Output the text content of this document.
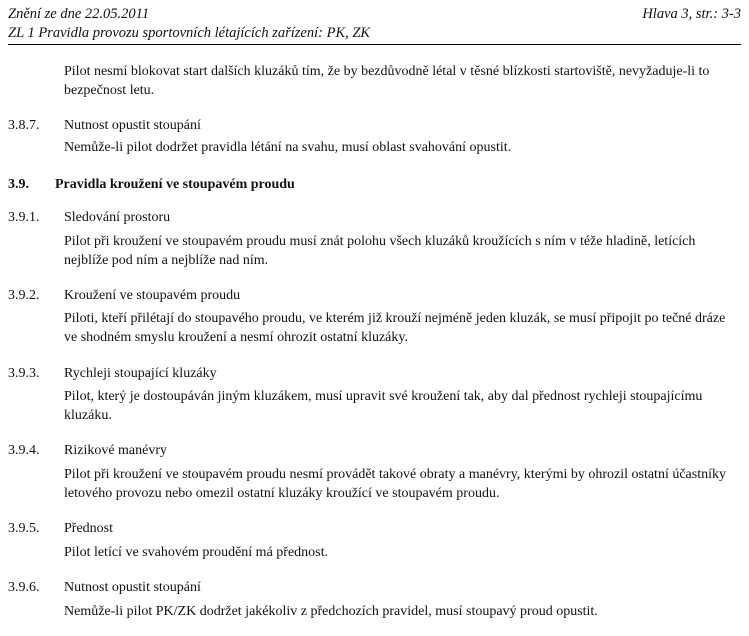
Znění ze dne 22.05.2011	Hlava 3, str.: 3-3
ZL 1 Pravidla provozu sportovních létajících zařízení: PK, ZK
Pilot nesmí blokovat start dalších kluzáků tím, že by bezdůvodně létal v těsné blízkosti startoviště, nevyžaduje-li to bezpečnost letu.
3.8.7. Nutnost opustit stoupání
Nemůže-li pilot dodržet pravidla létání na svahu, musí oblast svahování opustit.
3.9. Pravidla kroužení ve stoupavém proudu
3.9.1. Sledování prostoru
Pilot při kroužení ve stoupavém proudu musí znát polohu všech kluzáků kroužících s ním v téže hladině, letících nejblíže pod ním a nejblíže nad ním.
3.9.2. Kroužení ve stoupavém proudu
Piloti, kteří přilétají do stoupavého proudu, ve kterém již krouží nejméně jeden kluzák, se musí připojit po tečné dráze ve shodném smyslu kroužení a nesmí ohrozit ostatní kluzáky.
3.9.3. Rychleji stoupající kluzáky
Pilot, který je dostoupáván jiným kluzákem, musí upravit své kroužení tak, aby dal přednost rychleji stoupajícímu kluzáku.
3.9.4. Rizikové manévry
Pilot při kroužení ve stoupavém proudu nesmí provádět takové obraty a manévry, kterými by ohrozil ostatní účastníky letového provozu nebo omezil ostatní kluzáky kroužící ve stoupavém proudu.
3.9.5. Přednost
Pilot letící ve svahovém proudění má přednost.
3.9.6. Nutnost opustit stoupání
Nemůže-li pilot PK/ZK dodržet jakékoliv z předchozích pravidel, musí stoupavý proud opustit.
